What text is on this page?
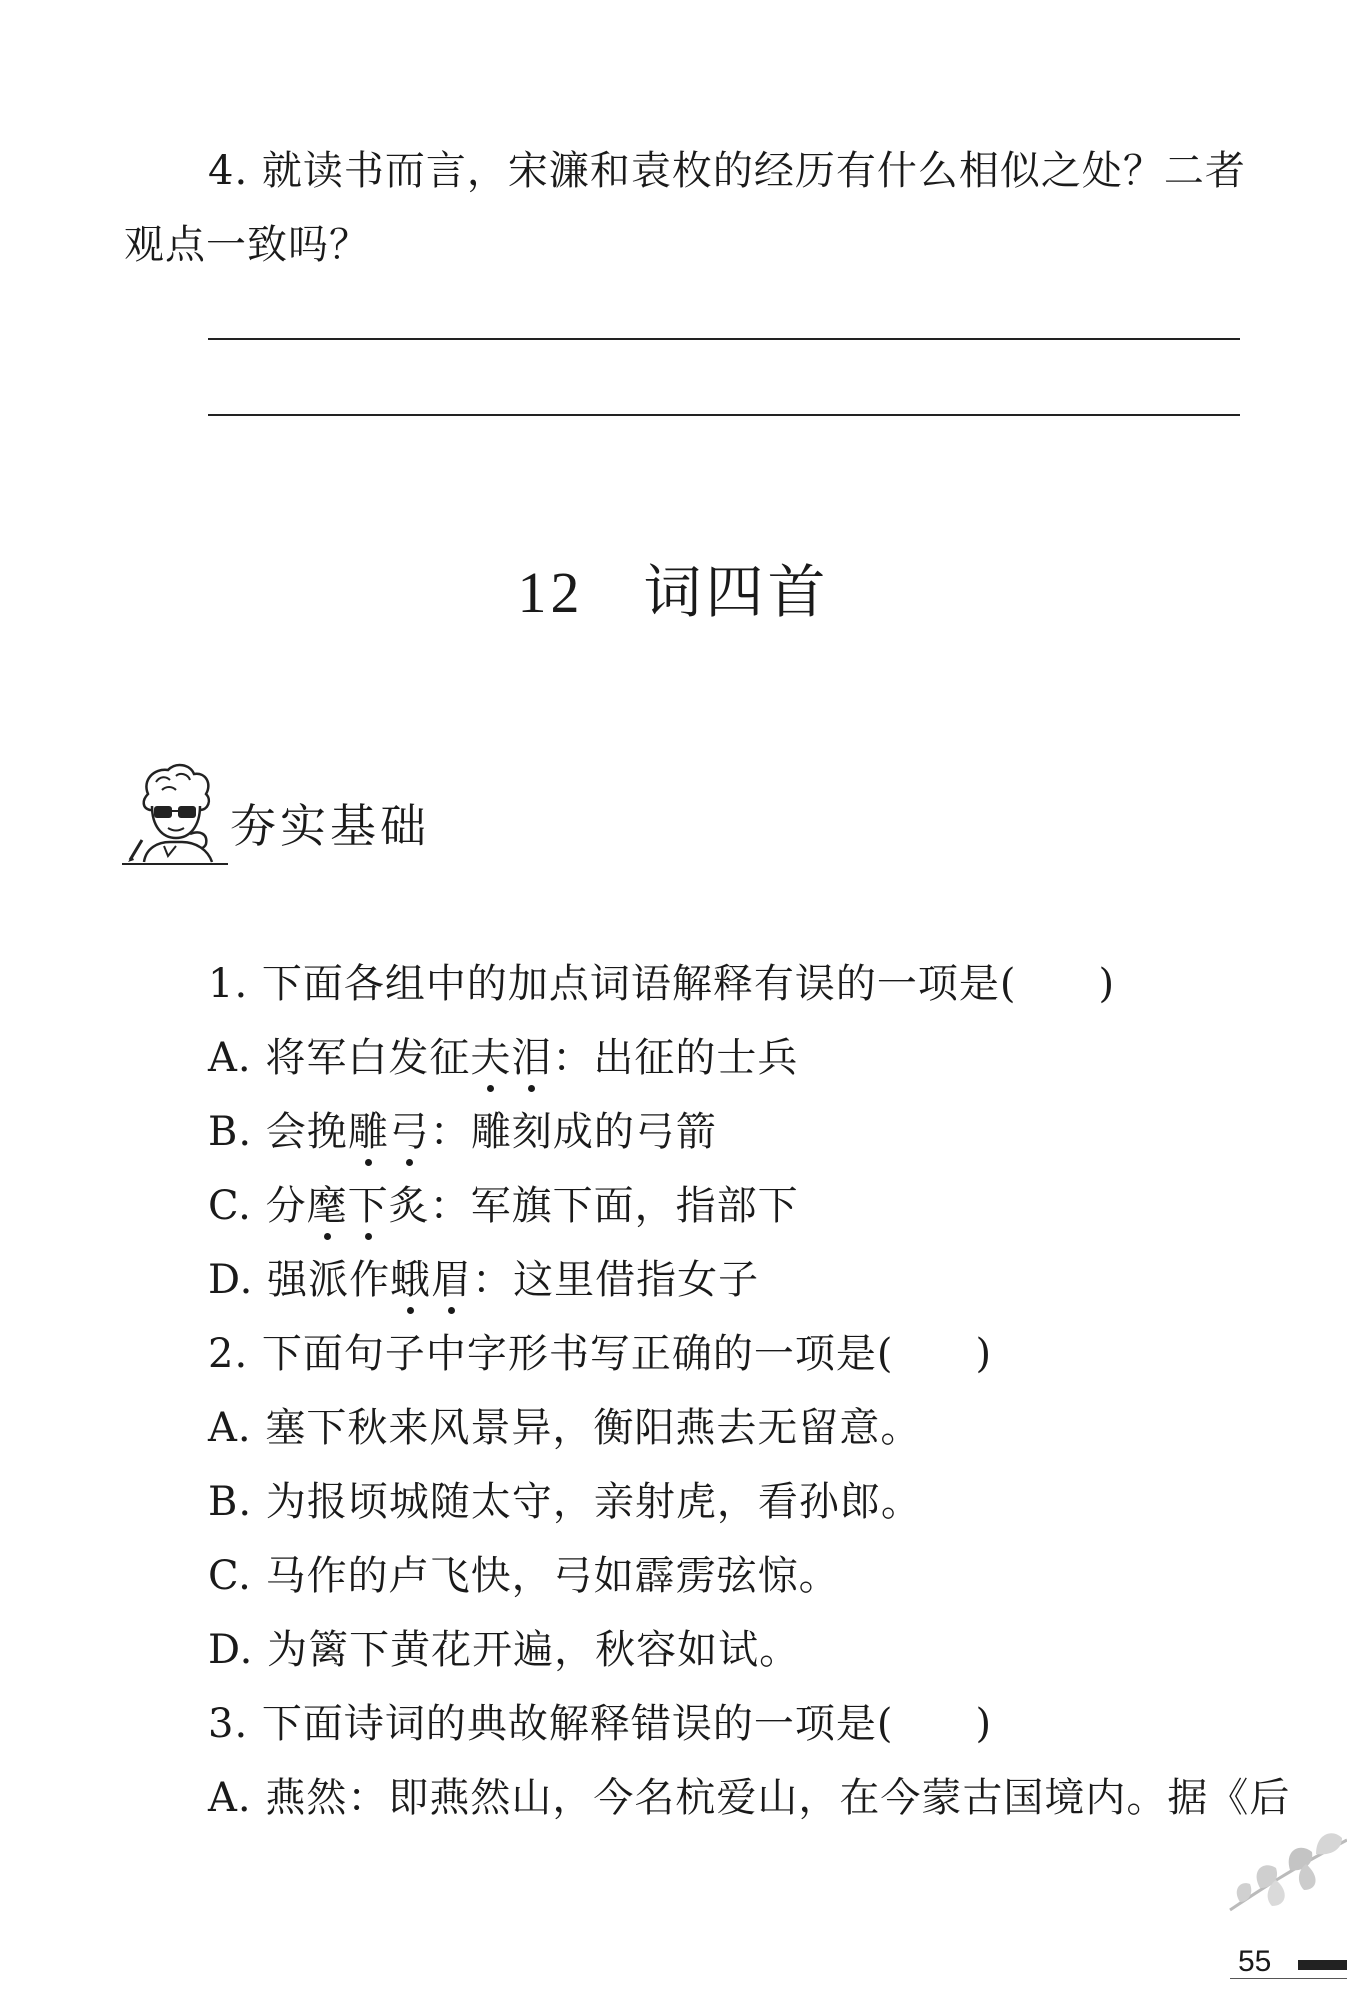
4. 就读书而言，宋濂和袁枚的经历有什么相似之处？二者
观点一致吗？
12 词四首
夯实基础
1. 下面各组中的加点词语解释有误的一项是(　　)
A. 将军白发征夫泪：出征的士兵
B. 会挽雕弓：雕刻成的弓箭
C. 分麾下炙：军旗下面，指部下
D. 强派作蛾眉：这里借指女子
2. 下面句子中字形书写正确的一项是(　　)
A. 塞下秋来风景异，衡阳燕去无留意。
B. 为报顷城随太守，亲射虎，看孙郎。
C. 马作的卢飞快，弓如霹雳弦惊。
D. 为篱下黄花开遍，秋容如试。
3. 下面诗词的典故解释错误的一项是(　　)
A. 燕然：即燕然山，今名杭爱山，在今蒙古国境内。据《后
55
